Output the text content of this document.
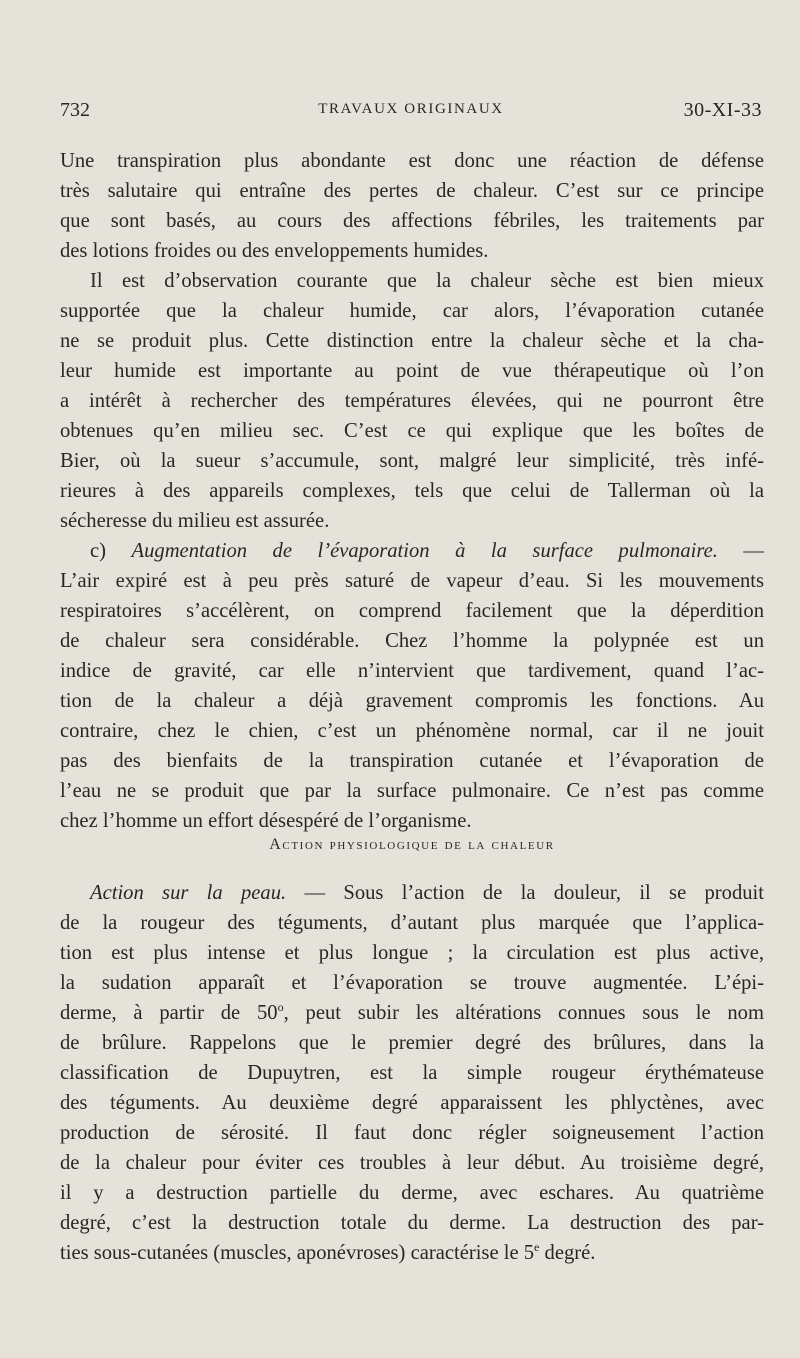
732	TRAVAUX ORIGINAUX	30-XI-33
Une transpiration plus abondante est donc une réaction de défense
très salutaire qui entraîne des pertes de chaleur. C’est sur ce principe
que sont basés, au cours des affections fébriles, les traitements par
des lotions froides ou des enveloppements humides.
Il est d’observation courante que la chaleur sèche est bien mieux
supportée que la chaleur humide, car alors, l’évaporation cutanée
ne se produit plus. Cette distinction entre la chaleur sèche et la cha-
leur humide est importante au point de vue thérapeutique où l’on
a intérêt à rechercher des températures élevées, qui ne pourront être
obtenues qu’en milieu sec. C’est ce qui explique que les boîtes de
Bier, où la sueur s’accumule, sont, malgré leur simplicité, très infé-
rieures à des appareils complexes, tels que celui de Tallerman où la
sécheresse du milieu est assurée.
c) Augmentation de l’évaporation à la surface pulmonaire. —
L’air expiré est à peu près saturé de vapeur d’eau. Si les mouvements
respiratoires s’accélèrent, on comprend facilement que la déperdition
de chaleur sera considérable. Chez l’homme la polypnée est un
indice de gravité, car elle n’intervient que tardivement, quand l’ac-
tion de la chaleur a déjà gravement compromis les fonctions. Au
contraire, chez le chien, c’est un phénomène normal, car il ne jouit
pas des bienfaits de la transpiration cutanée et l’évaporation de
l’eau ne se produit que par la surface pulmonaire. Ce n’est pas comme
chez l’homme un effort désespéré de l’organisme.
Action physiologique de la chaleur
Action sur la peau. — Sous l’action de la douleur, il se produit
de la rougeur des téguments, d’autant plus marquée que l’applica-
tion est plus intense et plus longue ; la circulation est plus active,
la sudation apparaît et l’évaporation se trouve augmentée. L’épi-
derme, à partir de 50$^o$, peut subir les altérations connues sous le nom
de brûlure. Rappelons que le premier degré des brûlures, dans la
classification de Dupuytren, est la simple rougeur érythémateuse
des téguments. Au deuxième degré apparaissent les phlyctènes, avec
production de sérosité. Il faut donc régler soigneusement l’action
de la chaleur pour éviter ces troubles à leur début. Au troisième degré,
il y a destruction partielle du derme, avec eschares. Au quatrième
degré, c’est la destruction totale du derme. La destruction des par-
ties sous-cutanées (muscles, aponévroses) caractérise le 5e degré.
